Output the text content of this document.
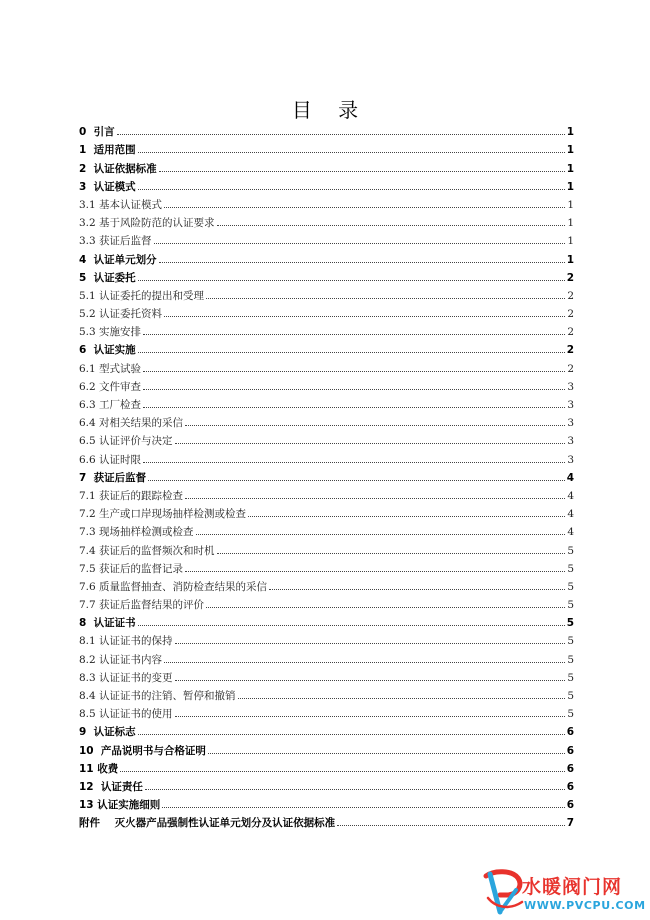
目 录
0  引言	1
1  适用范围	1
2  认证依据标准	1
3  认证模式	1
3.1 基本认证模式	1
3.2 基于风险防范的认证要求	1
3.3 获证后监督	1
4  认证单元划分	1
5  认证委托	2
5.1 认证委托的提出和受理	2
5.2 认证委托资料	2
5.3 实施安排	2
6  认证实施	2
6.1 型式试验	2
6.2 文件审查	3
6.3 工厂检查	3
6.4 对相关结果的采信	3
6.5 认证评价与决定	3
6.6 认证时限	3
7  获证后监督	4
7.1 获证后的跟踪检查	4
7.2 生产或口岸现场抽样检测或检查	4
7.3 现场抽样检测或检查	4
7.4 获证后的监督频次和时机	5
7.5 获证后的监督记录	5
7.6 质量监督抽查、消防检查结果的采信	5
7.7 获证后监督结果的评价	5
8  认证证书	5
8.1 认证证书的保持	5
8.2 认证证书内容	5
8.3 认证证书的变更	5
8.4 认证证书的注销、暂停和撤销	5
8.5 认证证书的使用	5
9  认证标志	6
10  产品说明书与合格证明	6
11 收费	6
12  认证责任	6
13 认证实施细则	6
附件    灭火器产品强制性认证单元划分及认证依据标准	7
水暖阀门网
WWW.PVCPU.COM
